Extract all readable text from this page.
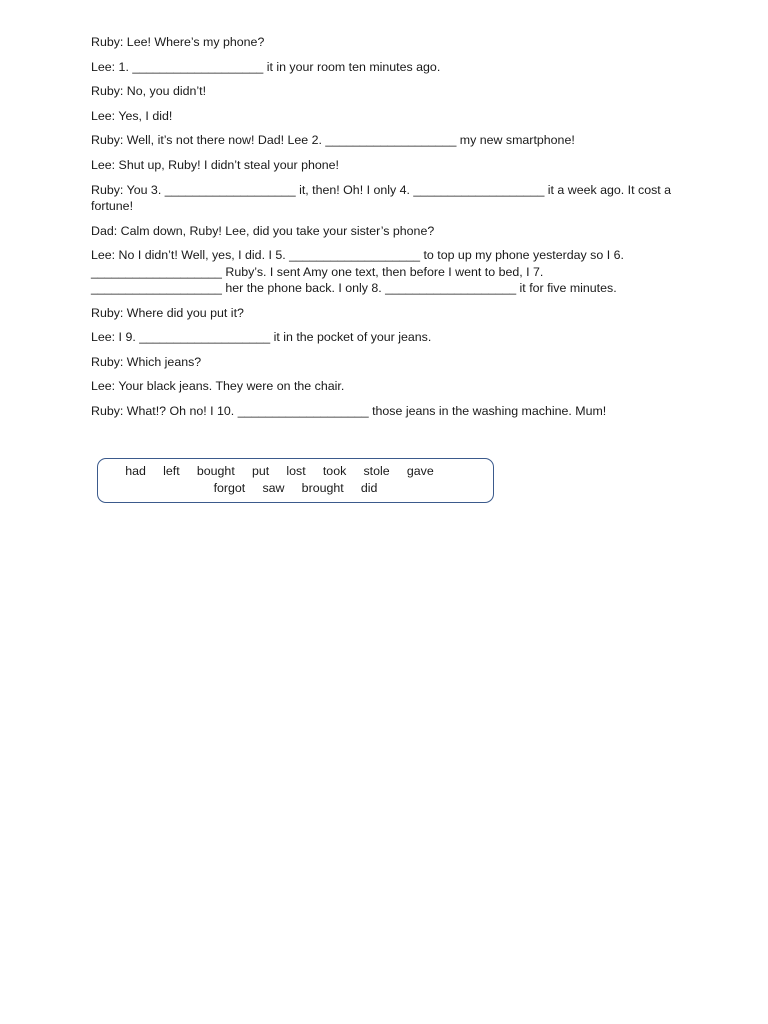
Ruby: Lee! Where’s my phone?

Lee: 1. ___________________ it in your room ten minutes ago.

Ruby: No, you didn’t!

Lee: Yes, I did!

Ruby: Well, it’s not there now! Dad! Lee 2. ___________________ my new smartphone!

Lee: Shut up, Ruby! I didn’t steal your phone!

Ruby: You 3. ___________________ it, then! Oh! I only 4. ___________________ it a week ago. It cost a fortune!

Dad: Calm down, Ruby! Lee, did you take your sister’s phone?

Lee: No I didn’t! Well, yes, I did. I 5. ___________________ to top up my phone yesterday so I 6. ___________________ Ruby’s. I sent Amy one text, then before I went to bed, I 7. ___________________ her the phone back. I only 8. ___________________ it for five minutes.

Ruby: Where did you put it?

Lee: I 9. ___________________ it in the pocket of your jeans.

Ruby: Which jeans?

Lee: Your black jeans. They were on the chair.

Ruby: What!? Oh no! I 10. ___________________ those jeans in the washing machine. Mum!

had left bought put lost took stole gave
forgot saw brought did
